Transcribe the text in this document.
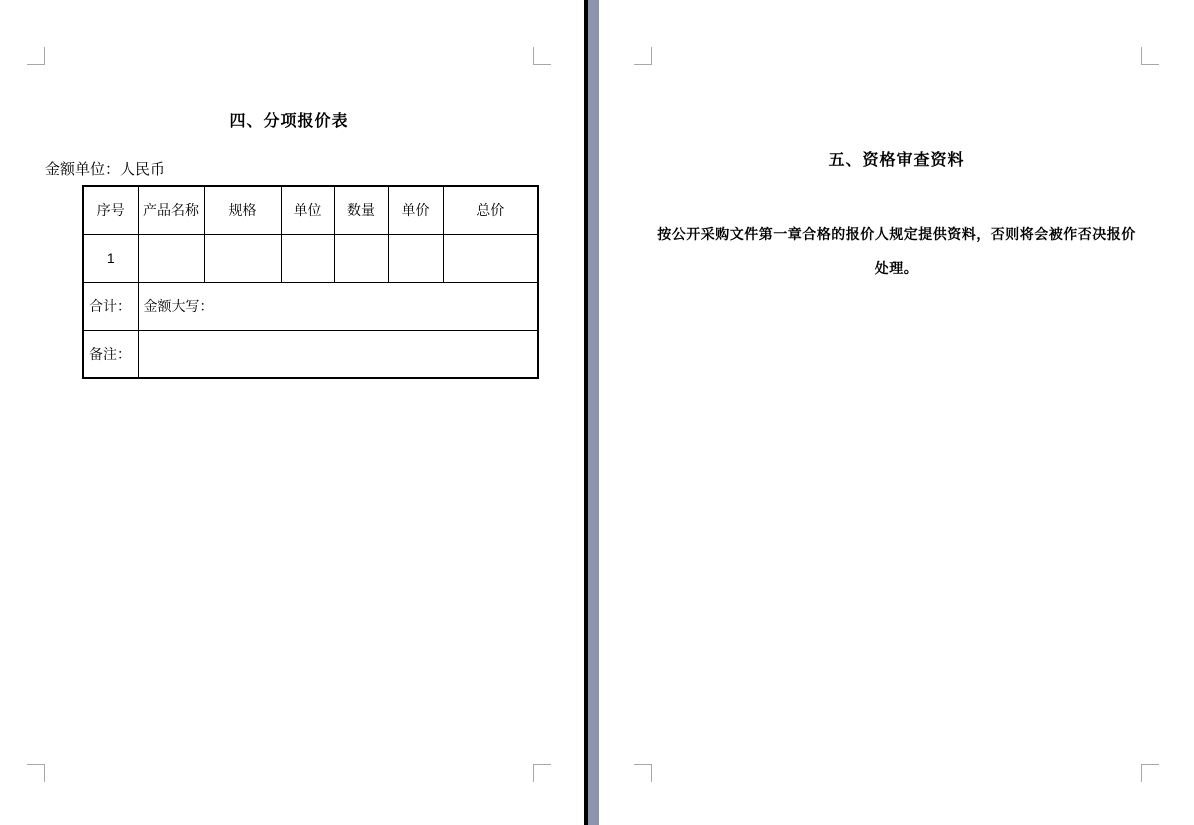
四、分项报价表
金额单位：人民币
序号	产品名称	规格	单位	数量	单价	总价
1						
合计：	金额大写：					
备注：						
五、资格审查资料
按公开采购文件第一章合格的报价人规定提供资料，否则将会被作否决报价处理。
